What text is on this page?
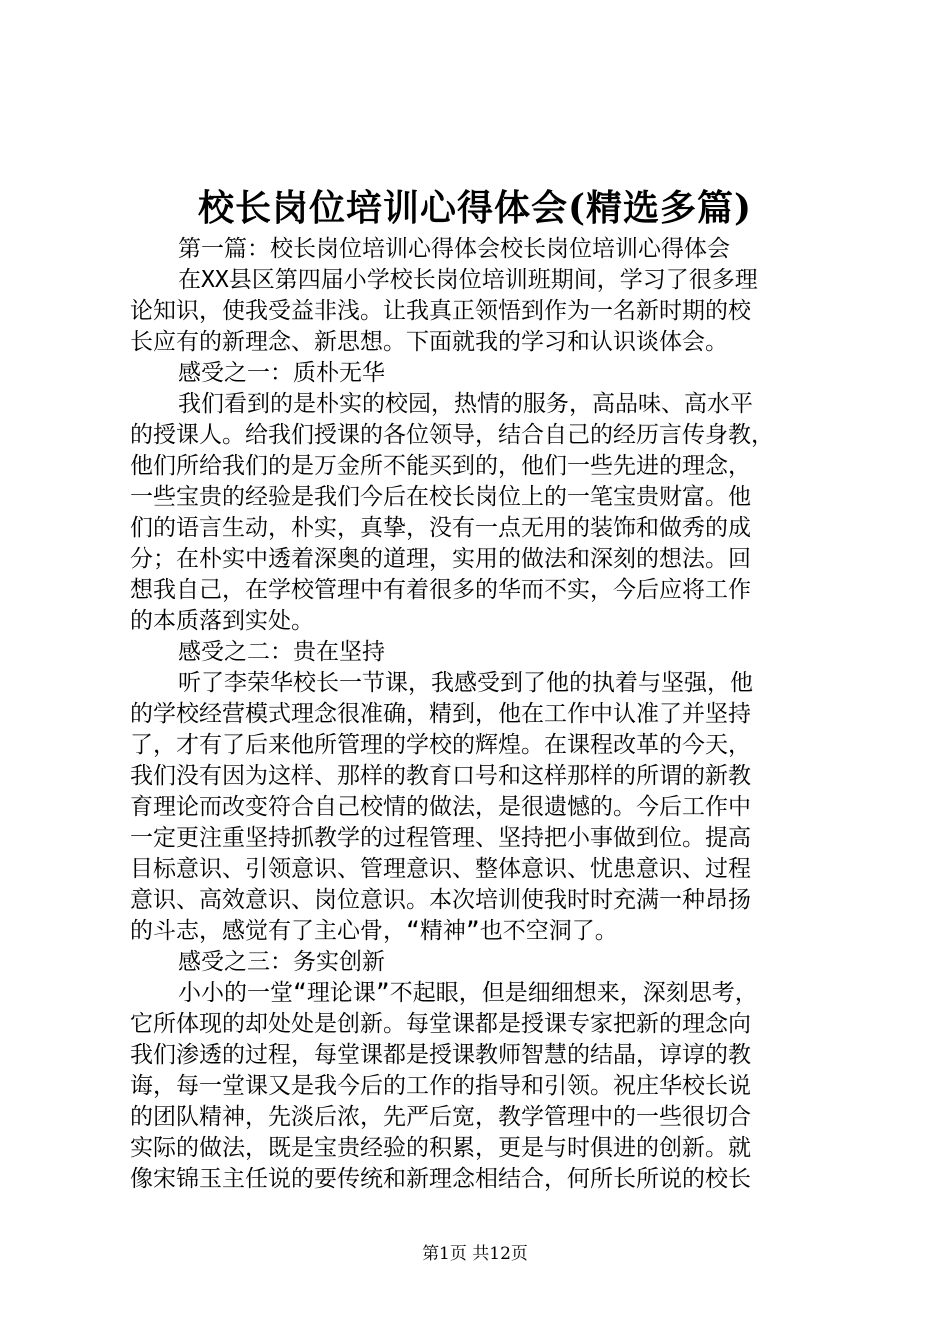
校长岗位培训心得体会(精选多篇)
第一篇：校长岗位培训心得体会校长岗位培训心得体会
在XX县区第四届小学校长岗位培训班期间，学习了很多理
论知识，使我受益非浅。让我真正领悟到作为一名新时期的校
长应有的新理念、新思想。下面就我的学习和认识谈体会。
感受之一：质朴无华
我们看到的是朴实的校园，热情的服务，高品味、高水平
的授课人。给我们授课的各位领导，结合自己的经历言传身教，
他们所给我们的是万金所不能买到的，他们一些先进的理念，
一些宝贵的经验是我们今后在校长岗位上的一笔宝贵财富。他
们的语言生动，朴实，真挚，没有一点无用的装饰和做秀的成
分；在朴实中透着深奥的道理，实用的做法和深刻的想法。回
想我自己，在学校管理中有着很多的华而不实，今后应将工作
的本质落到实处。
感受之二：贵在坚持
听了李荣华校长一节课，我感受到了他的执着与坚强，他
的学校经营模式理念很准确，精到，他在工作中认准了并坚持
了，才有了后来他所管理的学校的辉煌。在课程改革的今天，
我们没有因为这样、那样的教育口号和这样那样的所谓的新教
育理论而改变符合自己校情的做法，是很遗憾的。今后工作中
一定更注重坚持抓教学的过程管理、坚持把小事做到位。提高
目标意识、引领意识、管理意识、整体意识、忧患意识、过程
意识、高效意识、岗位意识。本次培训使我时时充满一种昂扬
的斗志，感觉有了主心骨，“精神”也不空洞了。
感受之三：务实创新
小小的一堂“理论课”不起眼，但是细细想来，深刻思考，
它所体现的却处处是创新。每堂课都是授课专家把新的理念向
我们渗透的过程，每堂课都是授课教师智慧的结晶，谆谆的教
诲，每一堂课又是我今后的工作的指导和引领。祝庄华校长说
的团队精神，先淡后浓，先严后宽，教学管理中的一些很切合
实际的做法，既是宝贵经验的积累，更是与时俱进的创新。就
像宋锦玉主任说的要传统和新理念相结合，何所长所说的校长
第1页 共12页
